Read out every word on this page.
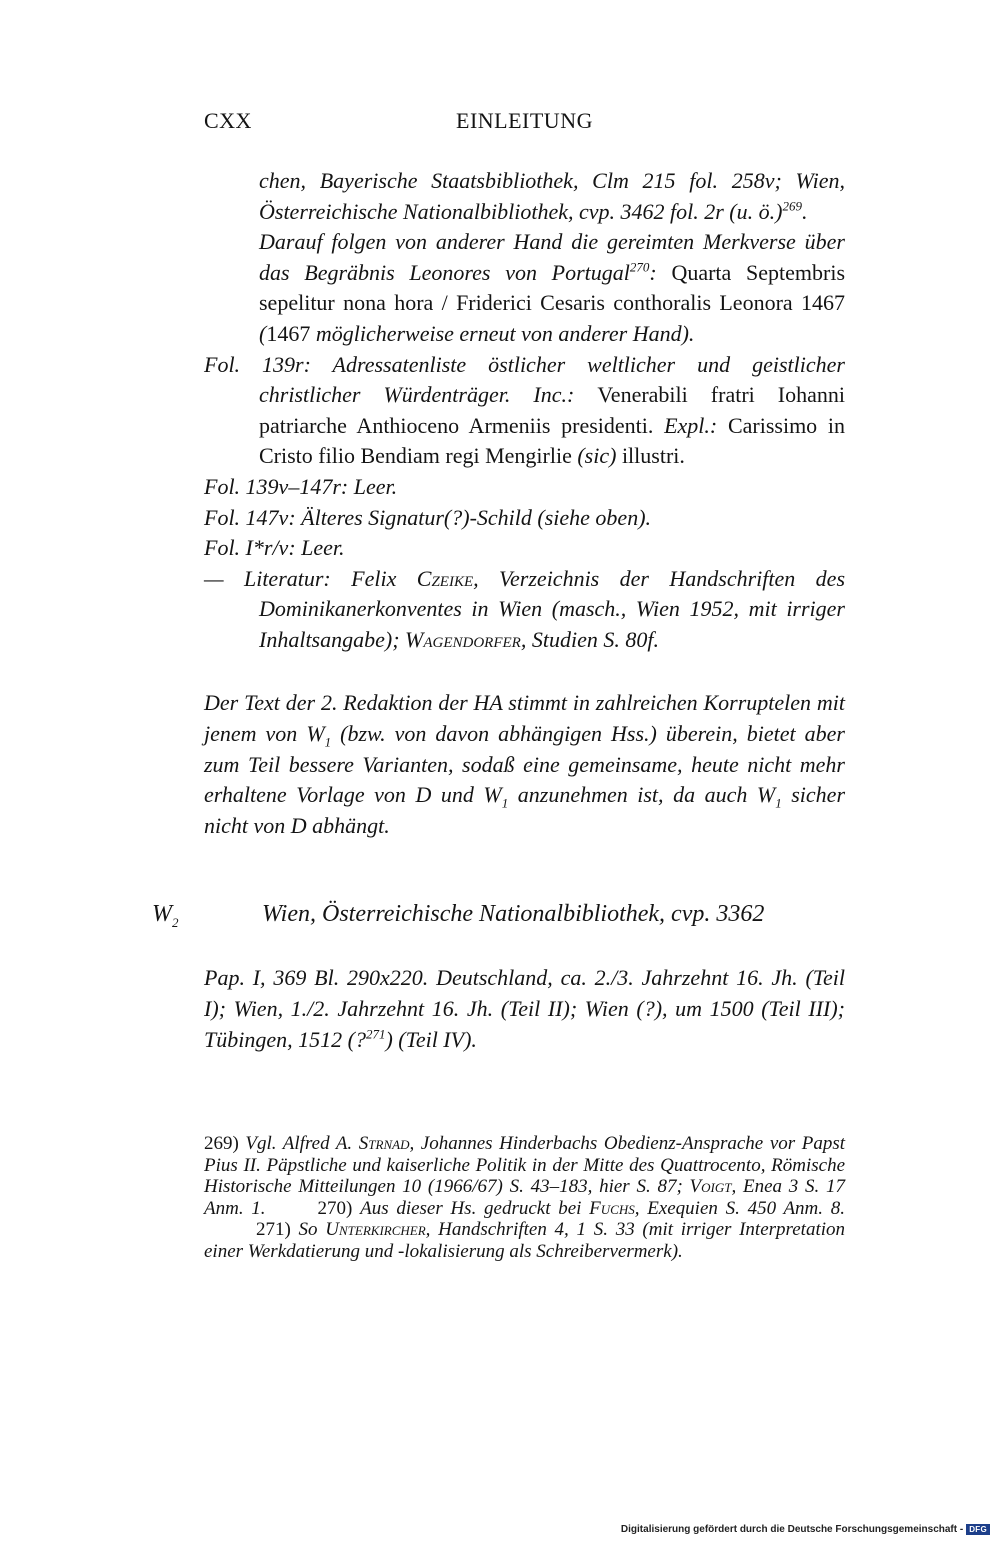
CXX	EINLEITUNG

chen, Bayerische Staatsbibliothek, Clm 215 fol. 258v; Wien, Österreichische Nationalbibliothek, cvp. 3462 fol. 2r (u. ö.)$^{269}$.

Darauf folgen von anderer Hand die gereimten Merkverse über das Begräbnis Leonores von Portugal$^{270}$: Quarta Septembris sepelitur nona hora / Friderici Cesaris conthoralis Leonora 1467 (1467 möglicherweise erneut von anderer Hand).

Fol. 139r: Adressatenliste östlicher weltlicher und geistlicher christlicher Würdenträger. Inc.: Venerabili fratri Iohanni patriarche Anthioceno Armeniis presidenti. Expl.: Carissimo in Cristo filio Bendiam regi Mengirlie (sic) illustri.

Fol. 139v–147r: Leer.

Fol. 147v: Älteres Signatur(?)-Schild (siehe oben).

Fol. I*r/v: Leer.

— Literatur: Felix Czeike, Verzeichnis der Handschriften des Dominikanerkonventes in Wien (masch., Wien 1952, mit irriger Inhaltsangabe); Wagendorfer, Studien S. 80f.

Der Text der 2. Redaktion der HA stimmt in zahlreichen Korruptelen mit jenem von $W_1$ (bzw. von davon abhängigen Hss.) überein, bietet aber zum Teil bessere Varianten, sodaß eine gemeinsame, heute nicht mehr erhaltene Vorlage von D und $W_1$ anzunehmen ist, da auch $W_1$ sicher nicht von D abhängt.

$W_2$	Wien, Österreichische Nationalbibliothek, cvp. 3362

Pap. I, 369 Bl. 290x220. Deutschland, ca. 2./3. Jahrzehnt 16. Jh. (Teil I); Wien, 1./2. Jahrzehnt 16. Jh. (Teil II); Wien (?), um 1500 (Teil III); Tübingen, 1512 (?$^{271}$) (Teil IV).

269) Vgl. Alfred A. Strnad, Johannes Hinderbachs Obedienz-Ansprache vor Papst Pius II. Päpstliche und kaiserliche Politik in der Mitte des Quattrocento, Römische Historische Mitteilungen 10 (1966/67) S. 43–183, hier S. 87; Voigt, Enea 3 S. 17 Anm. 1.	270) Aus dieser Hs. gedruckt bei Fuchs, Exequien S. 450 Anm. 8.271) So Unterkircher, Handschriften 4, 1 S. 33 (mit irriger Interpretation einer Werkdatierung und -lokalisierung als Schreibervermerk).

Digitalisierung gefördert durch die Deutsche Forschungsgemeinschaft - DFG
